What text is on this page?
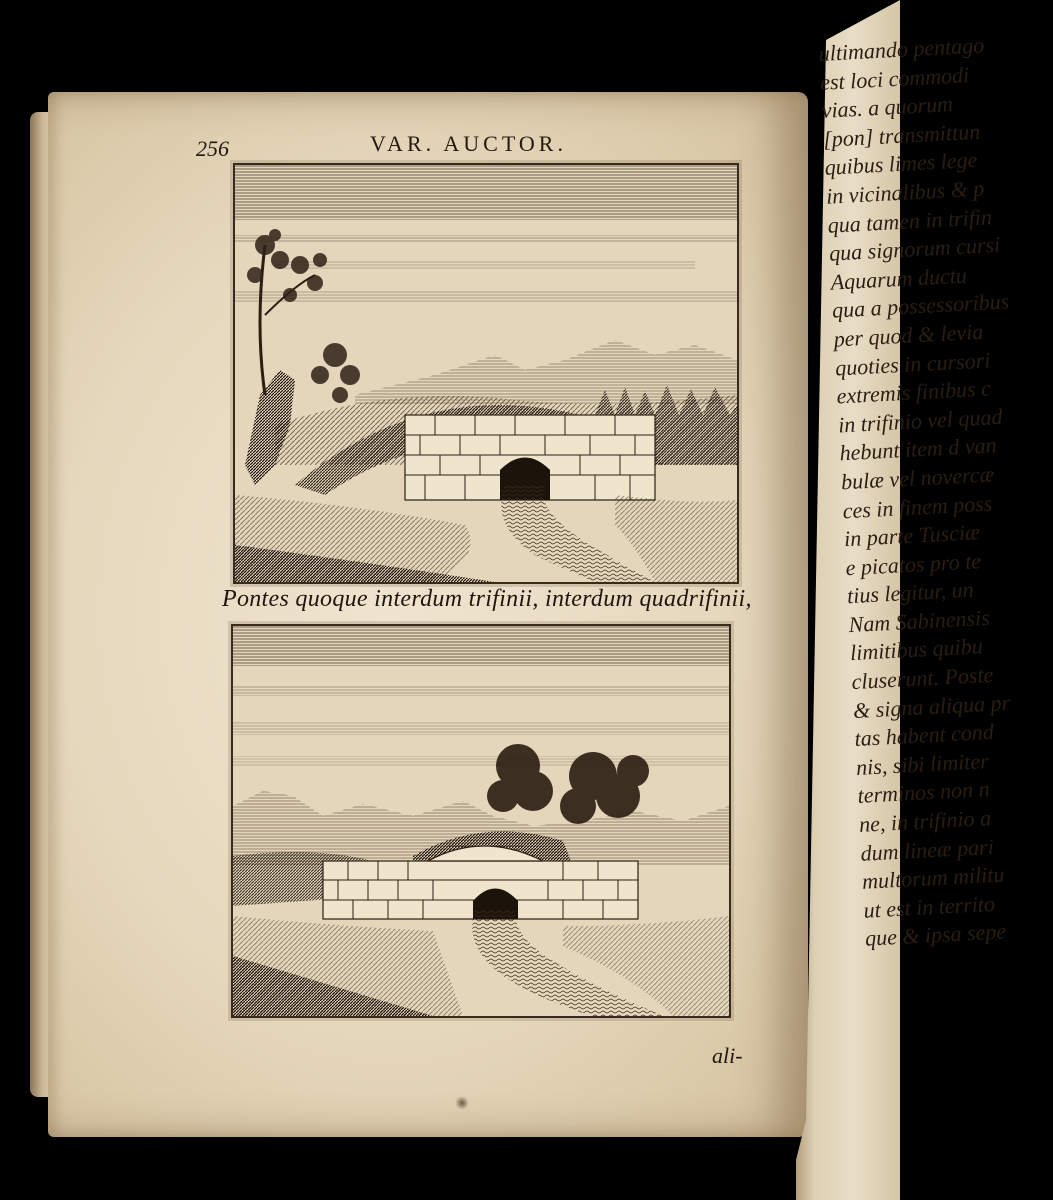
ultimando pentago
est loci commodi
vias. a quorum
[pon] transmittun
quibus limes lege
in vicinalibus & p
qua tamen in trifin
qua signorum cursi
Aquarum ductu
qua a possessoribus
per quod & levia
quoties in cursori
extremis finibus c
in trifinio vel quad
hebunt item d van
bulæ vel novercæ
ces in finem poss
in parte Tusciæ
e picatos pro te
tius legitur, un
Nam Sabinensis
limitibus quibu
cluserunt. Poste
& signa aliqua pr
tas habent cond
nis, sibi limiter
terminos non n
ne, in trifinio a
dum lineæ pari
multorum militu
ut est in territo
que & ipsa sepe
256	VAR. AUCTOR.
Pontes quoque interdum trifinii, interdum quadrifinii,
ali-
